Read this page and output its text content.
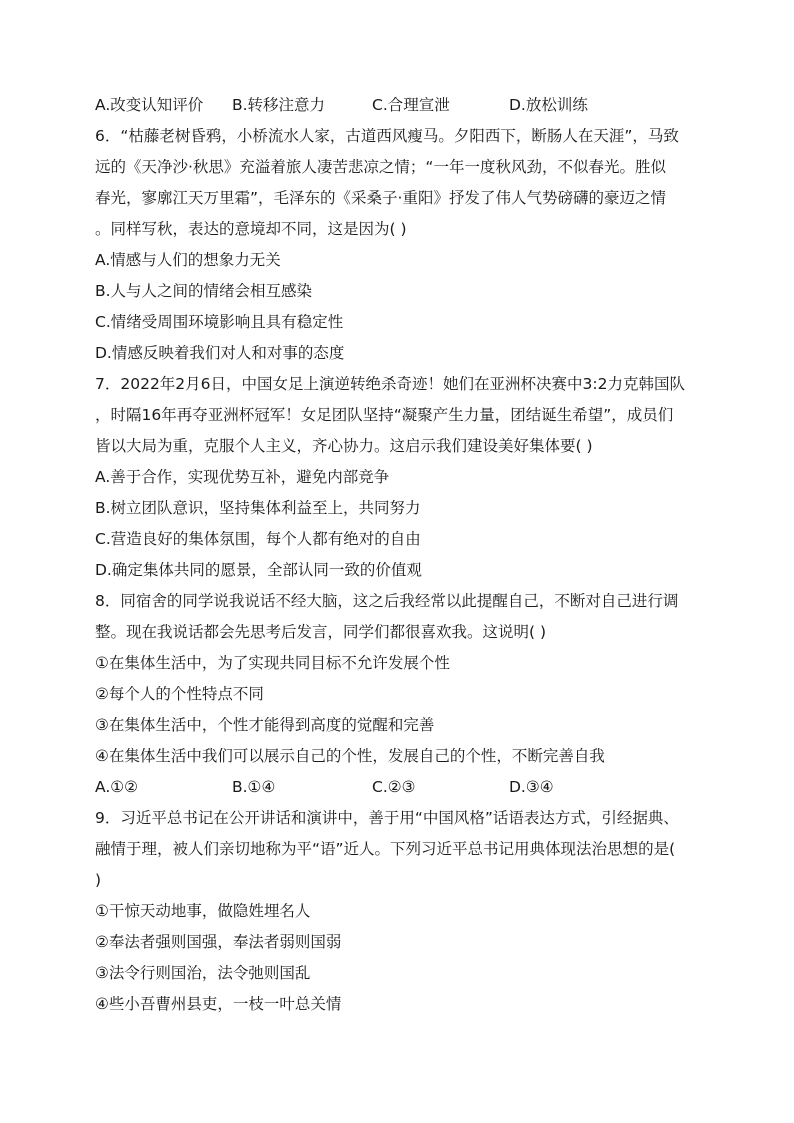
A.改变认知评价 B.转移注意力	C.合理宣泄	D.放松训练
6．“枯藤老树昏鸦，小桥流水人家，古道西风瘦马。夕阳西下，断肠人在天涯”，马致
远的《天净沙·秋思》充溢着旅人凄苦悲凉之情；“一年一度秋风劲，不似春光。胜似
春光，寥廓江天万里霜”，毛泽东的《采桑子·重阳》抒发了伟人气势磅礴的豪迈之情
。同样写秋，表达的意境却不同，这是因为( )
A.情感与人们的想象力无关
B.人与人之间的情绪会相互感染
C.情绪受周围环境影响且具有稳定性
D.情感反映着我们对人和对事的态度
7．2022年2月6日，中国女足上演逆转绝杀奇迹！她们在亚洲杯决赛中3:2力克韩国队
，时隔16年再夺亚洲杯冠军！女足团队坚持“凝聚产生力量，团结诞生希望”，成员们
皆以大局为重，克服个人主义，齐心协力。这启示我们建设美好集体要( )
A.善于合作，实现优势互补，避免内部竞争
B.树立团队意识，坚持集体利益至上，共同努力
C.营造良好的集体氛围，每个人都有绝对的自由
D.确定集体共同的愿景，全部认同一致的价值观
8．同宿舍的同学说我说话不经大脑，这之后我经常以此提醒自己，不断对自己进行调
整。现在我说话都会先思考后发言，同学们都很喜欢我。这说明( )
①在集体生活中，为了实现共同目标不允许发展个性
②每个人的个性特点不同
③在集体生活中，个性才能得到高度的觉醒和完善
④在集体生活中我们可以展示自己的个性，发展自己的个性，不断完善自我
A.①②	B.①④	C.②③	D.③④
9．习近平总书记在公开讲话和演讲中，善于用“中国风格”话语表达方式，引经据典、
融情于理，被人们亲切地称为平“语”近人。下列习近平总书记用典体现法治思想的是(
)
①干惊天动地事，做隐姓埋名人
②奉法者强则国强，奉法者弱则国弱
③法令行则国治，法令弛则国乱
④些小吾曹州县吏，一枝一叶总关情
